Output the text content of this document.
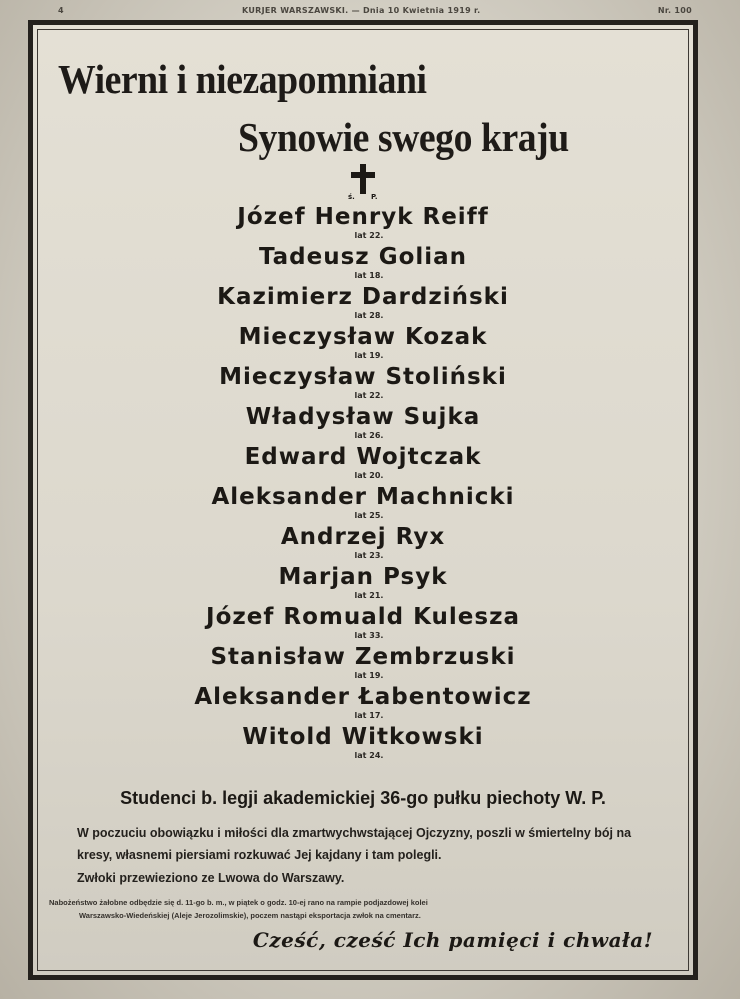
4	KURJER WARSZAWSKI. — Dnia 10 Kwietnia 1919 r.	Nr. 100
Wierni i niezapomniani
Synowie swego kraju
ś. P.
Józef Henryk Reiff
lat 22.
Tadeusz Golian
lat 18.
Kazimierz Dardziński
lat 28.
Mieczysław Kozak
lat 19.
Mieczysław Stoliński
lat 22.
Władysław Sujka
lat 26.
Edward Wojtczak
lat 20.
Aleksander Machnicki
lat 25.
Andrzej Ryx
lat 23.
Marjan Psyk
lat 21.
Józef Romuald Kulesza
lat 33.
Stanisław Zembrzuski
lat 19.
Aleksander Łabentowicz
lat 17.
Witold Witkowski
lat 24.
Studenci b. legji akademickiej 36-go pułku piechoty W. P.
W poczuciu obowiązku i miłości dla zmartwychwstającej Ojczyzny, poszli w śmiertelny bój na kresy, własnemi piersiami rozkuwać Jej kajdany i tam polegli.
Zwłoki przewieziono ze Lwowa do Warszawy.
Nabożeństwo żałobne odbędzie się d. 11-go b. m., w piątek o godz. 10-ej rano na rampie podjazdowej kolei
Warszawsko-Wiedeńskiej (Aleje Jerozolimskie), poczem nastąpi eksportacja zwłok na cmentarz.
Cześć, cześć Ich pamięci i chwała!
